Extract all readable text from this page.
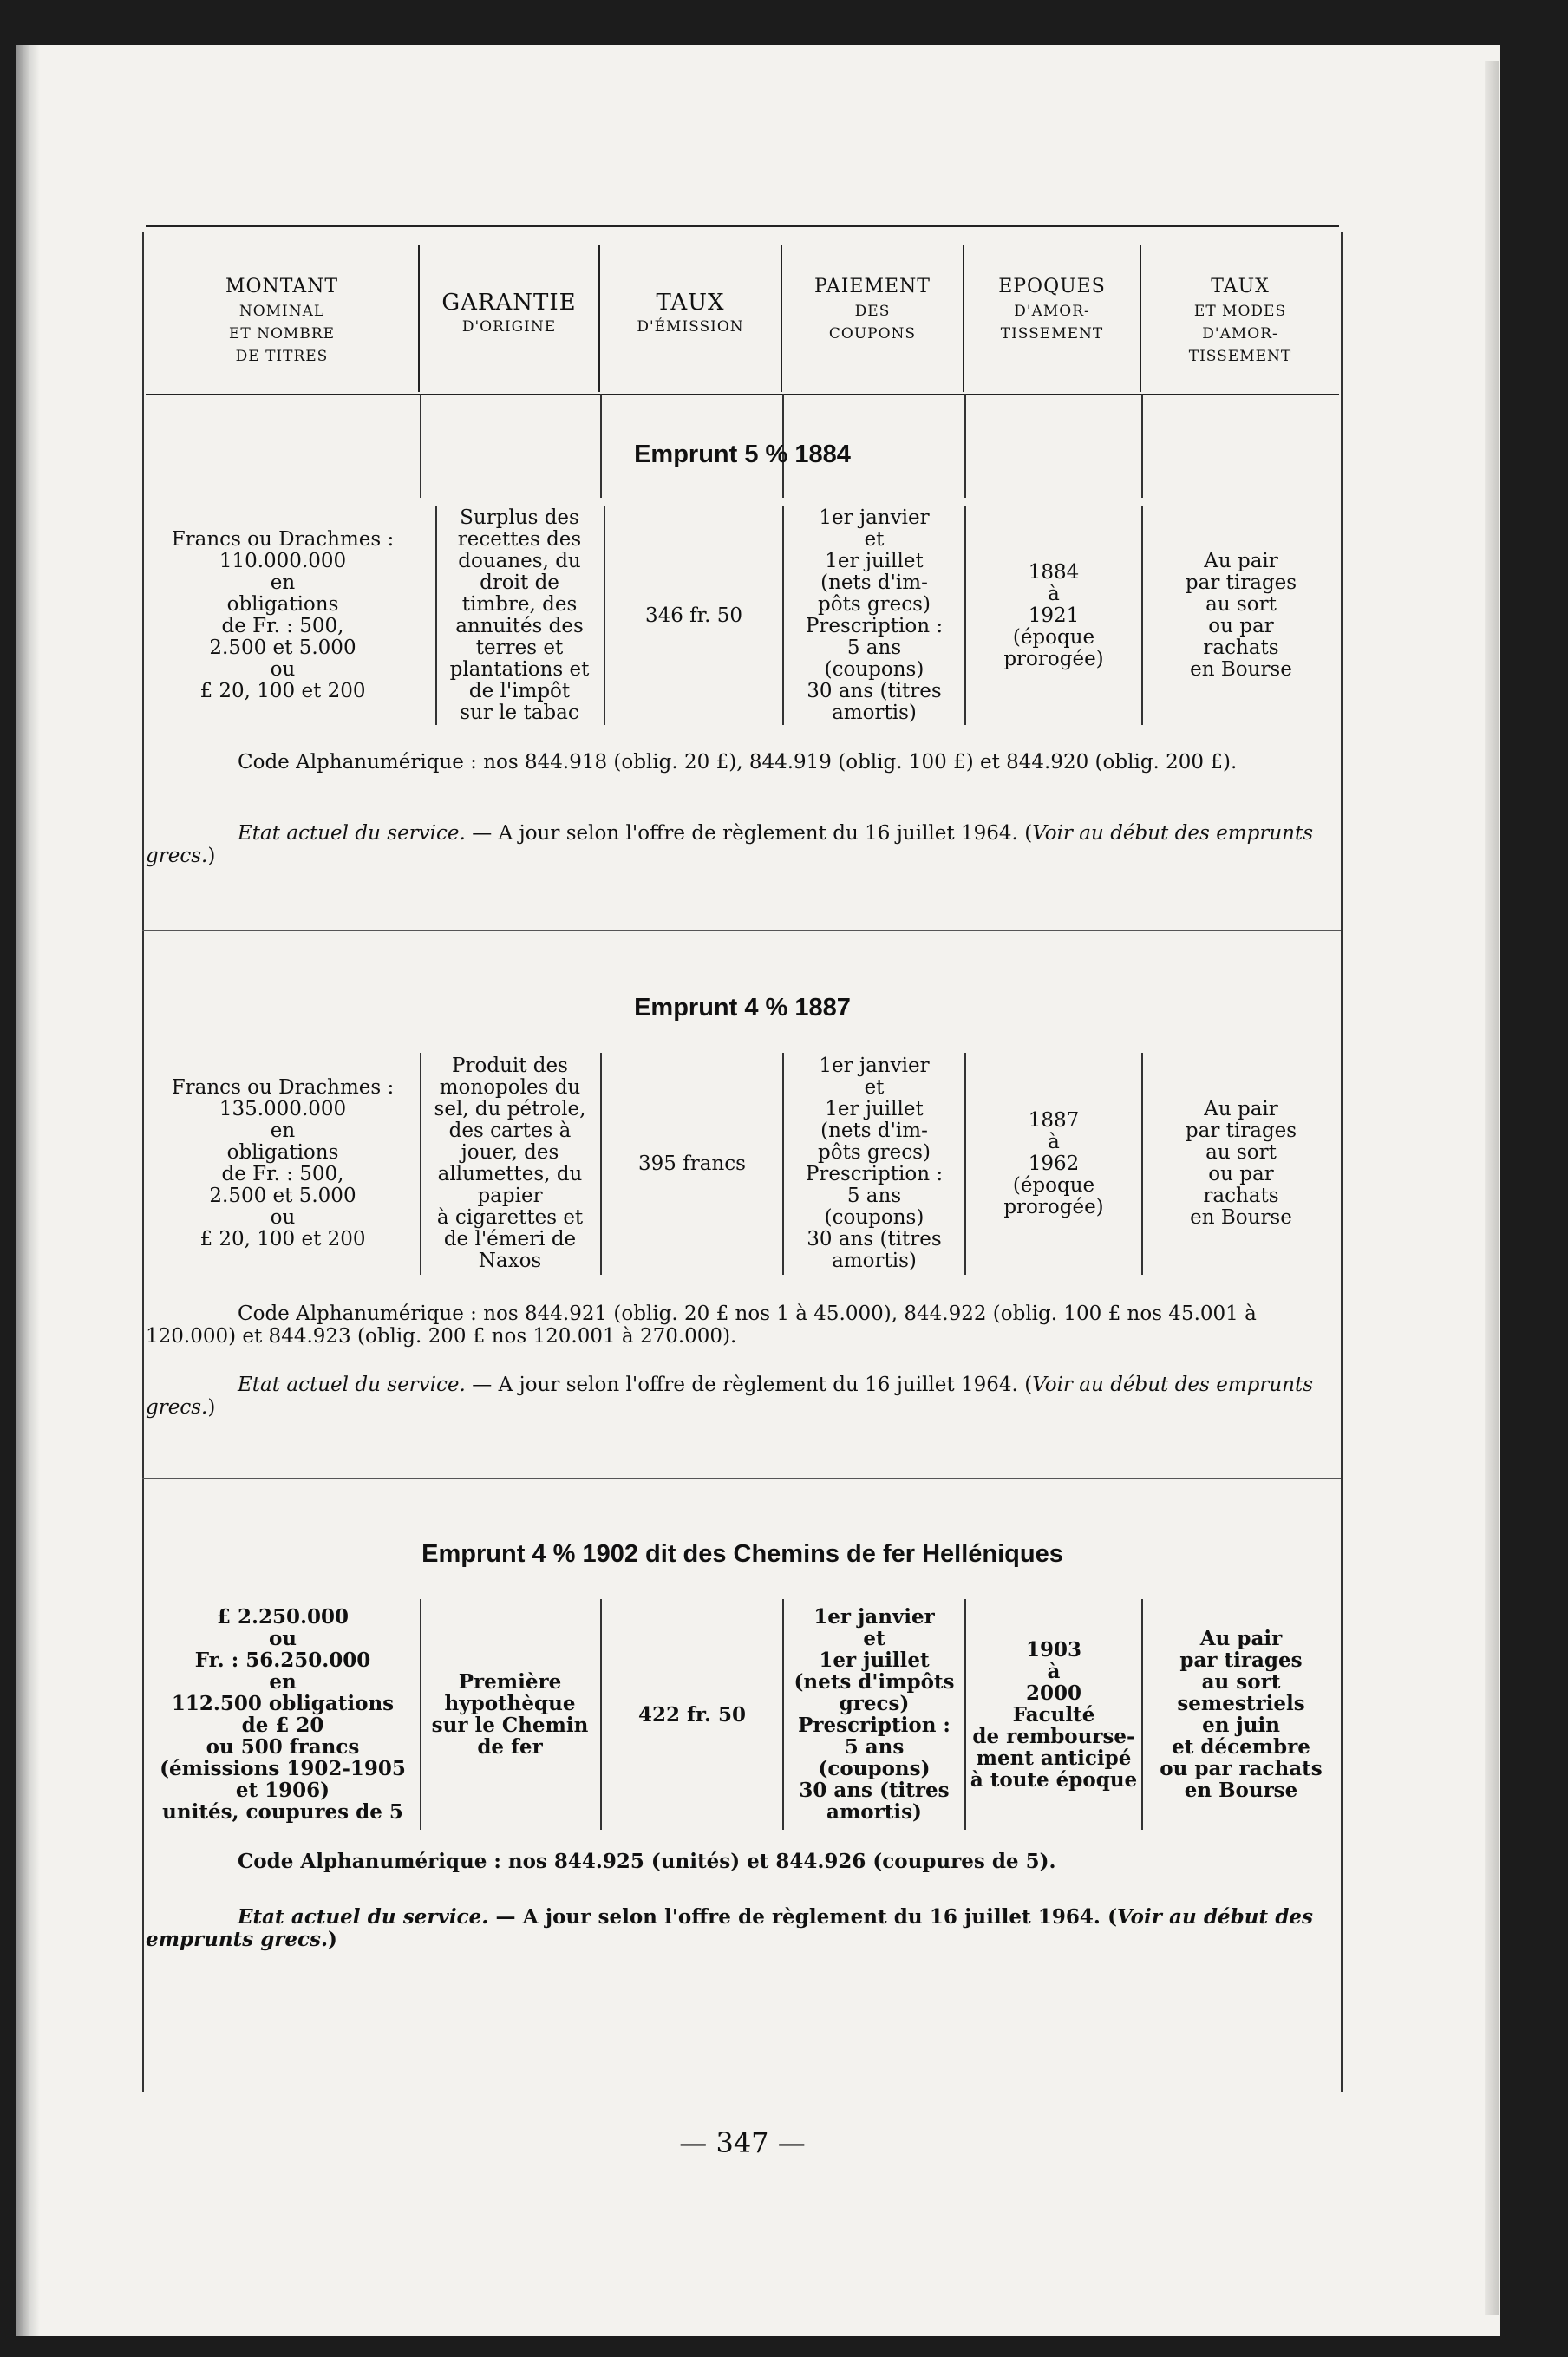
MONTANT
NOMINAL
ET NOMBRE
DE TITRES
GARANTIE
D'ORIGINE
TAUX
D'ÉMISSION
PAIEMENT
DES
COUPONS
EPOQUES
D'AMOR-
TISSEMENT
TAUX
ET MODES
D'AMOR-
TISSEMENT
Emprunt 5 % 1884
Francs ou Drachmes :
110.000.000
en
obligations
de Fr. : 500,
2.500 et 5.000
ou
£ 20, 100 et 200
Surplus des
recettes des
douanes, du
droit de
timbre, des
annuités des
terres et
plantations et
de l'impôt
sur le tabac
346 fr. 50
1er janvier
et
1er juillet
(nets d'im-
pôts grecs)
Prescription :
5 ans
(coupons)
30 ans (titres
amortis)
1884
à
1921
(époque
prorogée)
Au pair
par tirages
au sort
ou par
rachats
en Bourse
Code Alphanumérique : nos 844.918 (oblig. 20 £), 844.919 (oblig. 100 £) et 844.920 (oblig. 200 £).
Etat actuel du service. — A jour selon l'offre de règlement du 16 juillet 1964. (Voir au début des emprunts grecs.)
Emprunt 4 % 1887
Francs ou Drachmes :
135.000.000
en
obligations
de Fr. : 500,
2.500 et 5.000
ou
£ 20, 100 et 200
Produit des
monopoles du
sel, du pétrole,
des cartes à
jouer, des
allumettes, du
papier
à cigarettes et
de l'émeri de
Naxos
395 francs
1er janvier
et
1er juillet
(nets d'im-
pôts grecs)
Prescription :
5 ans
(coupons)
30 ans (titres
amortis)
1887
à
1962
(époque
prorogée)
Au pair
par tirages
au sort
ou par
rachats
en Bourse
Code Alphanumérique : nos 844.921 (oblig. 20 £ nos 1 à 45.000), 844.922 (oblig. 100 £ nos 45.001 à 120.000) et 844.923 (oblig. 200 £ nos 120.001 à 270.000).
Etat actuel du service. — A jour selon l'offre de règlement du 16 juillet 1964. (Voir au début des emprunts grecs.)
Emprunt 4 % 1902 dit des Chemins de fer Helléniques
£ 2.250.000
ou
Fr. : 56.250.000
en
112.500 obligations
de £ 20
ou 500 francs
(émissions 1902-1905
et 1906)
unités, coupures de 5
Première
hypothèque
sur le Chemin
de fer
422 fr. 50
1er janvier
et
1er juillet
(nets d'impôts
grecs)
Prescription :
5 ans
(coupons)
30 ans (titres
amortis)
1903
à
2000
Faculté
de rembourse-
ment anticipé
à toute époque
Au pair
par tirages
au sort
semestriels
en juin
et décembre
ou par rachats
en Bourse
Code Alphanumérique : nos 844.925 (unités) et 844.926 (coupures de 5).
Etat actuel du service. — A jour selon l'offre de règlement du 16 juillet 1964. (Voir au début des emprunts grecs.)
— 347 —
